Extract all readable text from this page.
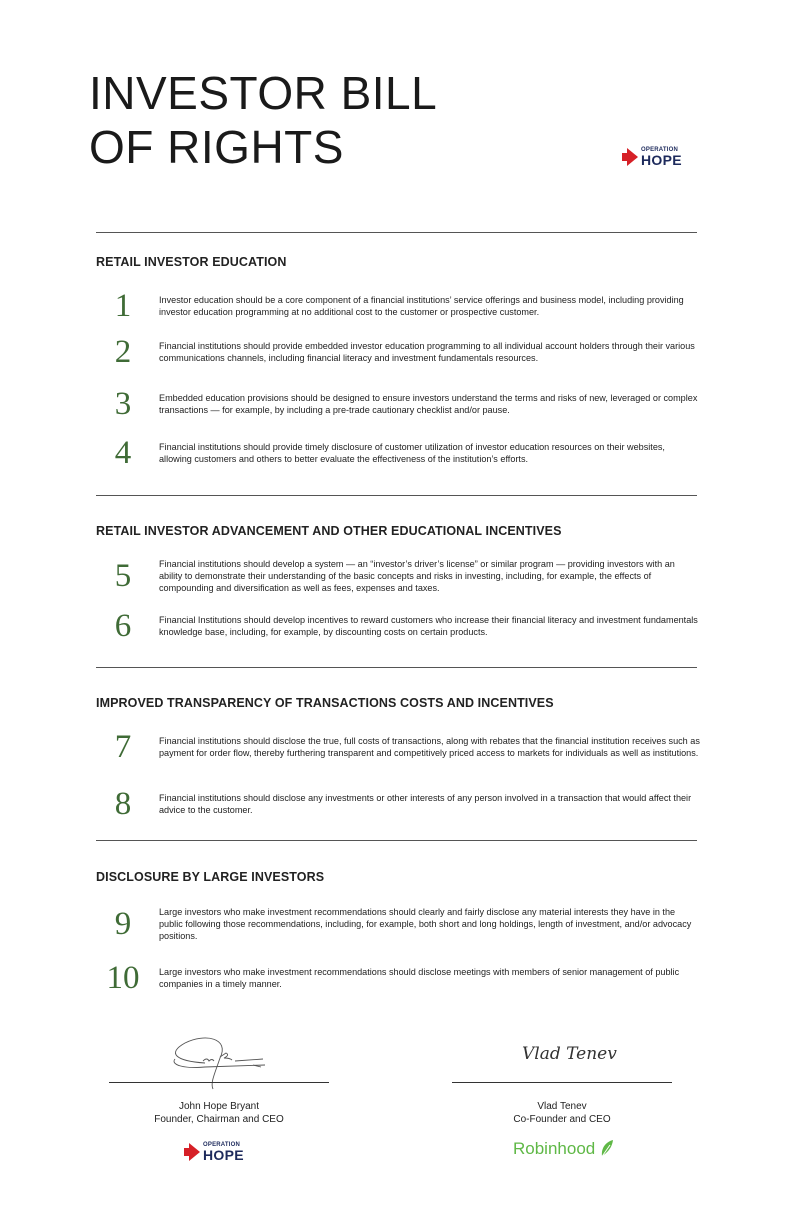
INVESTOR BILL
OF RIGHTS	OPERATION
HOPE
RETAIL INVESTOR EDUCATION
1	Investor education should be a core component of a financial institutions’ service offerings and business model, including providing investor education programming at no additional cost to the customer or prospective customer.
2	Financial institutions should provide embedded investor education programming to all individual account holders through their various communications channels, including financial literacy and investment fundamentals resources.
3	Embedded education provisions should be designed to ensure investors understand the terms and risks of new, leveraged or complex transactions — for example, by including a pre-trade cautionary checklist and/or pause.
4	Financial institutions should provide timely disclosure of customer utilization of investor education resources on their websites, allowing customers and others to better evaluate the effectiveness of the institution’s efforts.
RETAIL INVESTOR ADVANCEMENT AND OTHER EDUCATIONAL INCENTIVES
5	Financial institutions should develop a system — an “investor’s driver’s license” or similar program — providing investors with an ability to demonstrate their understanding of the basic concepts and risks in investing, including, for example, the effects of compounding and diversification as well as fees, expenses and taxes.
6	Financial Institutions should develop incentives to reward customers who increase their financial literacy and investment fundamentals knowledge base, including, for example, by discounting costs on certain products.
IMPROVED TRANSPARENCY OF TRANSACTIONS COSTS AND INCENTIVES
7	Financial institutions should disclose the true, full costs of transactions, along with rebates that the financial institution receives such as payment for order flow, thereby furthering transparent and competitively priced access to markets for individuals as well as institutions.
8	Financial institutions should disclose any investments or other interests of any person involved in a transaction that would affect their advice to the customer.
DISCLOSURE BY LARGE INVESTORS
9	Large investors who make investment recommendations should clearly and fairly disclose any material interests they have in the public following those recommendations, including, for example, both short and long holdings, length of investment, and/or advocacy positions.
10	Large investors who make investment recommendations should disclose meetings with members of senior management of public companies in a timely manner.
Vlad Tenev
John Hope Bryant
Founder, Chairman and CEO
Vlad Tenev
Co-Founder and CEO
OPERATION
HOPE	Robinhood
